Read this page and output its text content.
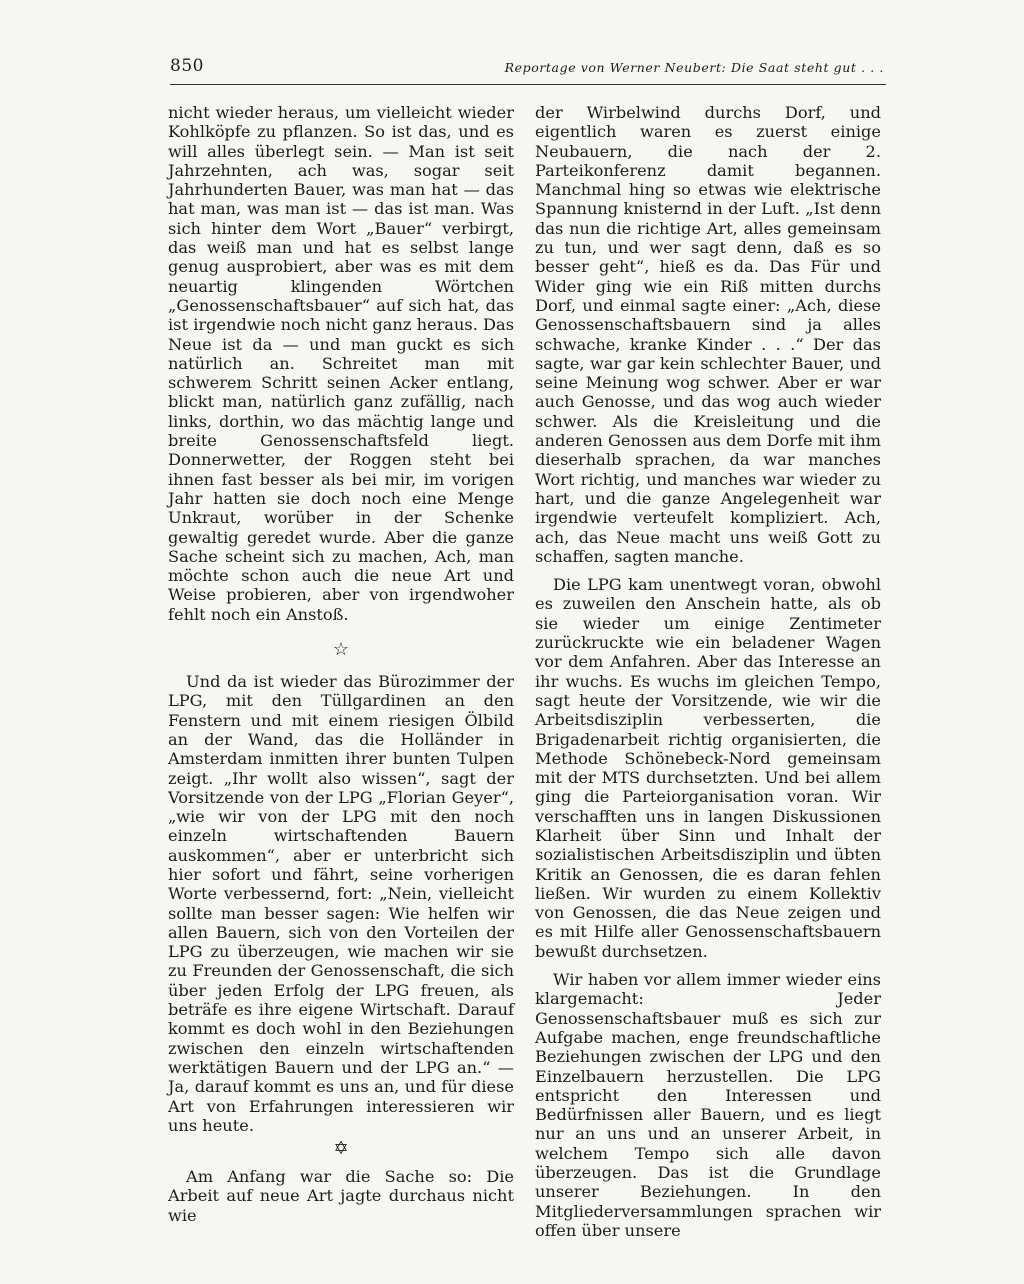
850	Reportage von Werner Neubert: Die Saat steht gut . . .

nicht wieder heraus, um vielleicht wieder Kohlköpfe zu pflanzen. So ist das, und es will alles überlegt sein. — Man ist seit Jahrzehnten, ach was, sogar seit Jahrhunderten Bauer, was man hat — das hat man, was man ist — das ist man. Was sich hinter dem Wort „Bauer“ verbirgt, das weiß man und hat es selbst lange genug ausprobiert, aber was es mit dem neuartig klingenden Wörtchen „Genossenschaftsbauer“ auf sich hat, das ist irgendwie noch nicht ganz heraus. Das Neue ist da — und man guckt es sich natürlich an. Schreitet man mit schwerem Schritt seinen Acker entlang, blickt man, natürlich ganz zufällig, nach links, dorthin, wo das mächtig lange und breite Genossenschaftsfeld liegt. Donnerwetter, der Roggen steht bei ihnen fast besser als bei mir, im vorigen Jahr hatten sie doch noch eine Menge Unkraut, worüber in der Schenke gewaltig geredet wurde. Aber die ganze Sache scheint sich zu machen, Ach, man möchte schon auch die neue Art und Weise probieren, aber von irgendwoher fehlt noch ein Anstoß.

☆

Und da ist wieder das Bürozimmer der LPG, mit den Tüllgardinen an den Fenstern und mit einem riesigen Ölbild an der Wand, das die Holländer in Amsterdam inmitten ihrer bunten Tulpen zeigt. „Ihr wollt also wissen“, sagt der Vorsitzende von der LPG „Florian Geyer“, „wie wir von der LPG mit den noch einzeln wirtschaftenden Bauern auskommen“, aber er unterbricht sich hier sofort und fährt, seine vorherigen Worte verbessernd, fort: „Nein, vielleicht sollte man besser sagen: Wie helfen wir allen Bauern, sich von den Vorteilen der LPG zu überzeugen, wie machen wir sie zu Freunden der Genossenschaft, die sich über jeden Erfolg der LPG freuen, als beträfe es ihre eigene Wirtschaft. Darauf kommt es doch wohl in den Beziehungen zwischen den einzeln wirtschaftenden werktätigen Bauern und der LPG an.“ — Ja, darauf kommt es uns an, und für diese Art von Erfahrungen interessieren wir uns heute.

✡

Am Anfang war die Sache so: Die Arbeit auf neue Art jagte durchaus nicht wie

der Wirbelwind durchs Dorf, und eigentlich waren es zuerst einige Neubauern, die nach der 2. Parteikonferenz damit begannen. Manchmal hing so etwas wie elektrische Spannung knisternd in der Luft. „Ist denn das nun die richtige Art, alles gemeinsam zu tun, und wer sagt denn, daß es so besser geht“, hieß es da. Das Für und Wider ging wie ein Riß mitten durchs Dorf, und einmal sagte einer: „Ach, diese Genossenschaftsbauern sind ja alles schwache, kranke Kinder . . .“ Der das sagte, war gar kein schlechter Bauer, und seine Meinung wog schwer. Aber er war auch Genosse, und das wog auch wieder schwer. Als die Kreisleitung und die anderen Genossen aus dem Dorfe mit ihm dieserhalb sprachen, da war manches Wort richtig, und manches war wieder zu hart, und die ganze Angelegenheit war irgendwie verteufelt kompliziert. Ach, ach, das Neue macht uns weiß Gott zu schaffen, sagten manche.

Die LPG kam unentwegt voran, obwohl es zuweilen den Anschein hatte, als ob sie wieder um einige Zentimeter zurückruckte wie ein beladener Wagen vor dem Anfahren. Aber das Interesse an ihr wuchs. Es wuchs im gleichen Tempo, sagt heute der Vorsitzende, wie wir die Arbeitsdisziplin verbesserten, die Brigadenarbeit richtig organisierten, die Methode Schönebeck-Nord gemeinsam mit der MTS durchsetzten. Und bei allem ging die Parteiorganisation voran. Wir verschafften uns in langen Diskussionen Klarheit über Sinn und Inhalt der sozialistischen Arbeitsdisziplin und übten Kritik an Genossen, die es daran fehlen ließen. Wir wurden zu einem Kollektiv von Genossen, die das Neue zeigen und es mit Hilfe aller Genossenschaftsbauern bewußt durchsetzen.

Wir haben vor allem immer wieder eins klargemacht: Jeder Genossenschaftsbauer muß es sich zur Aufgabe machen, enge freundschaftliche Beziehungen zwischen der LPG und den Einzelbauern herzustellen. Die LPG entspricht den Interessen und Bedürfnissen aller Bauern, und es liegt nur an uns und an unserer Arbeit, in welchem Tempo sich alle davon überzeugen. Das ist die Grundlage unserer Beziehungen. In den Mitgliederversammlungen sprachen wir offen über unsere
